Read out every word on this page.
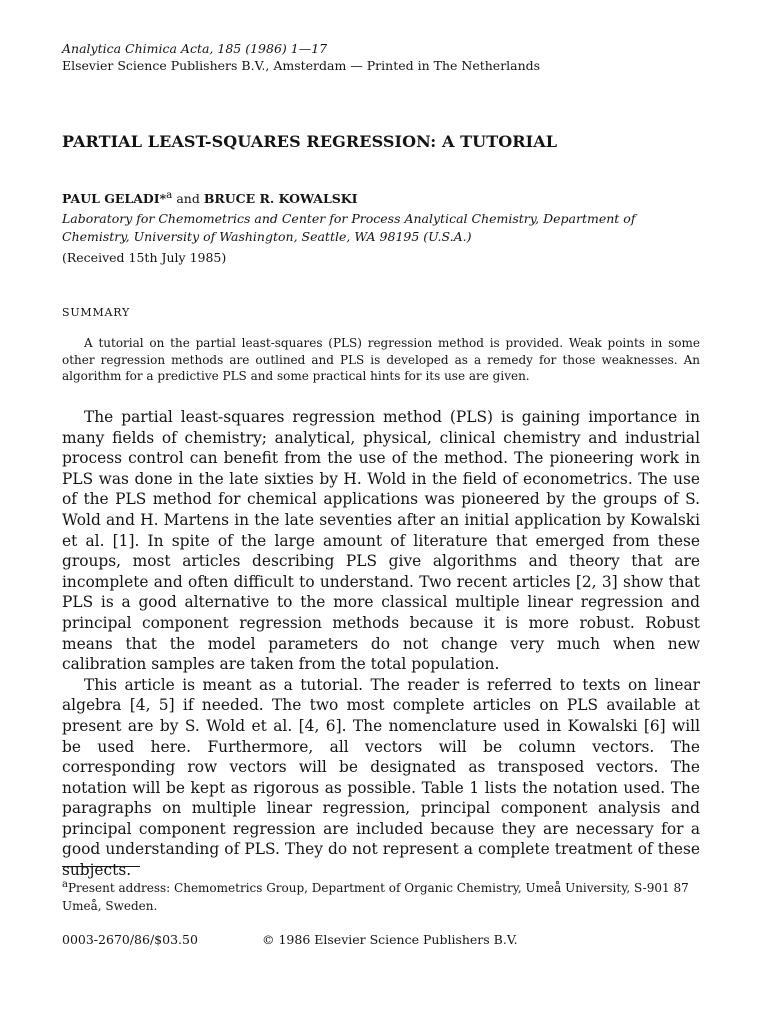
Analytica Chimica Acta, 185 (1986) 1—17
Elsevier Science Publishers B.V., Amsterdam — Printed in The Netherlands
PARTIAL LEAST-SQUARES REGRESSION: A TUTORIAL
PAUL GELADI*$^a$ and BRUCE R. KOWALSKI
Laboratory for Chemometrics and Center for Process Analytical Chemistry, Department of Chemistry, University of Washington, Seattle, WA 98195 (U.S.A.)
(Received 15th July 1985)
SUMMARY
A tutorial on the partial least-squares (PLS) regression method is provided. Weak points in some other regression methods are outlined and PLS is developed as a remedy for those weaknesses. An algorithm for a predictive PLS and some practical hints for its use are given.

The partial least-squares regression method (PLS) is gaining importance in many fields of chemistry; analytical, physical, clinical chemistry and industrial process control can benefit from the use of the method. The pioneering work in PLS was done in the late sixties by H. Wold in the field of econometrics. The use of the PLS method for chemical applications was pioneered by the groups of S. Wold and H. Martens in the late seventies after an initial application by Kowalski et al. [1]. In spite of the large amount of literature that emerged from these groups, most articles describing PLS give algorithms and theory that are incomplete and often difficult to understand. Two recent articles [2, 3] show that PLS is a good alternative to the more classical multiple linear regression and principal component regression methods because it is more robust. Robust means that the model parameters do not change very much when new calibration samples are taken from the total population.

This article is meant as a tutorial. The reader is referred to texts on linear algebra [4, 5] if needed. The two most complete articles on PLS available at present are by S. Wold et al. [4, 6]. The nomenclature used in Kowalski [6] will be used here. Furthermore, all vectors will be column vectors. The corresponding row vectors will be designated as transposed vectors. The notation will be kept as rigorous as possible. Table 1 lists the notation used. The paragraphs on multiple linear regression, principal component analysis and principal component regression are included because they are necessary for a good understanding of PLS. They do not represent a complete treatment of these subjects.

$^a$Present address: Chemometrics Group, Department of Organic Chemistry, Umeå University, S-901 87 Umeå, Sweden.
0003-2670/86/$03.50	© 1986 Elsevier Science Publishers B.V.
